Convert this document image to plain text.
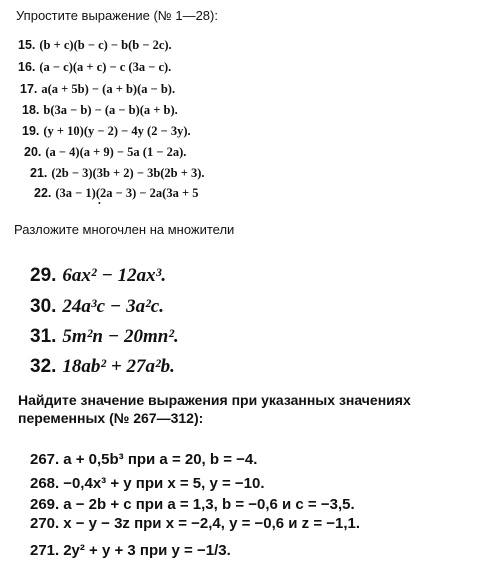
Упростите выражение (№ 1—28):
15. (b + c)(b − c) − b(b − 2c).
16. (a − c)(a + c) − c (3a − c).
17. a(a + 5b) − (a + b)(a − b).
18. b(3a − b) − (a − b)(a + b).
19. (y + 10)(y − 2) − 4y (2 − 3y).
20. (a − 4)(a + 9) − 5a (1 − 2a).
21. (2b − 3)(3b + 2) − 3b(2b + 3).
22. (3a − 1)(2a − 3) − 2a(3a + 5
•
Разложите многочлен на множители
29. 6ax² − 12ax³.
30. 24a³c − 3a²c.
31. 5m²n − 20mn².
32. 18ab² + 27a²b.
Найдите значение выражения при указанных значениях переменных (№ 267—312):
267. a + 0,5b³ при a = 20, b = −4.
268. −0,4x³ + y при x = 5, y = −10.
269. a − 2b + c при a = 1,3, b = −0,6 и c = −3,5.
270. x − y − 3z при x = −2,4, y = −0,6 и z = −1,1.
271. 2y² + y + 3 при y = −1/3.
